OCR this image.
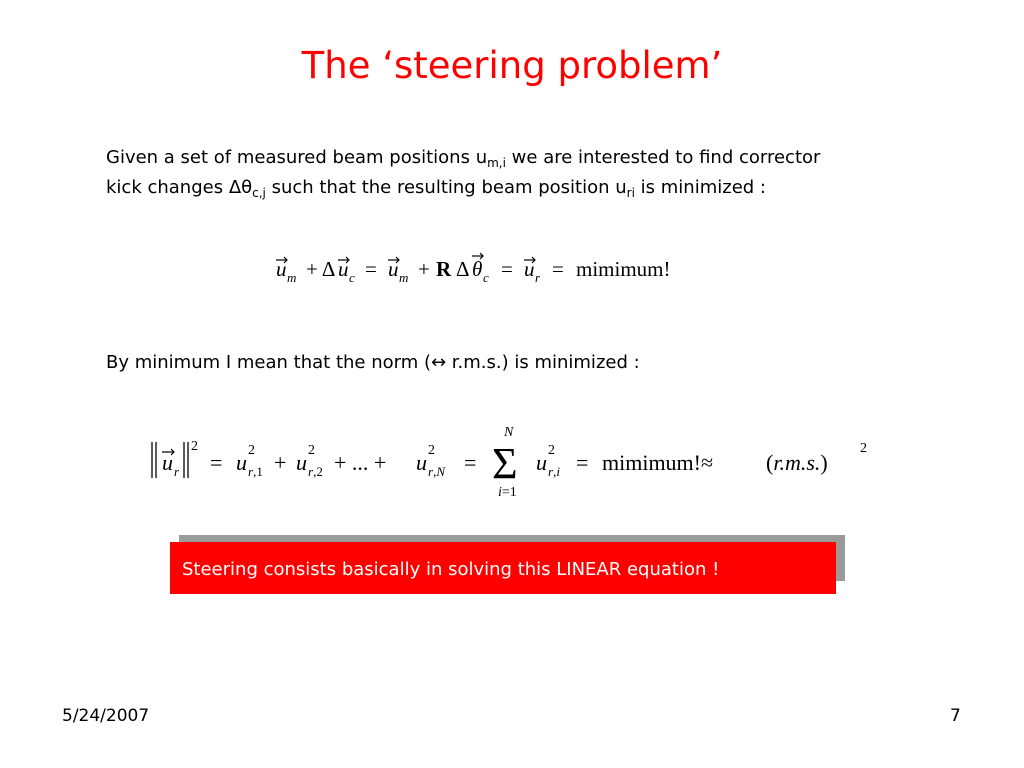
The ‘steering problem’
Given a set of measured beam positions $u_{m,i}$ we are interested to find corrector
kick changes $\Delta\theta_{c,j}$ such that the resulting beam position $u_{ri}$ is minimized :
u m + Δ u c = u m + R Δ θ c = u r = mimimum!
By minimum I mean that the norm (↔ r.m.s.) is minimized :
u r
2
= u 2
r,1 + u 2
r,2 + ... + u 2
r,N = Σ
N
i=1
u 2
r,i = mimimum!≈ (r.m.s.)
2
Steering consists basically in solving this LINEAR equation !
5/24/2007	7
